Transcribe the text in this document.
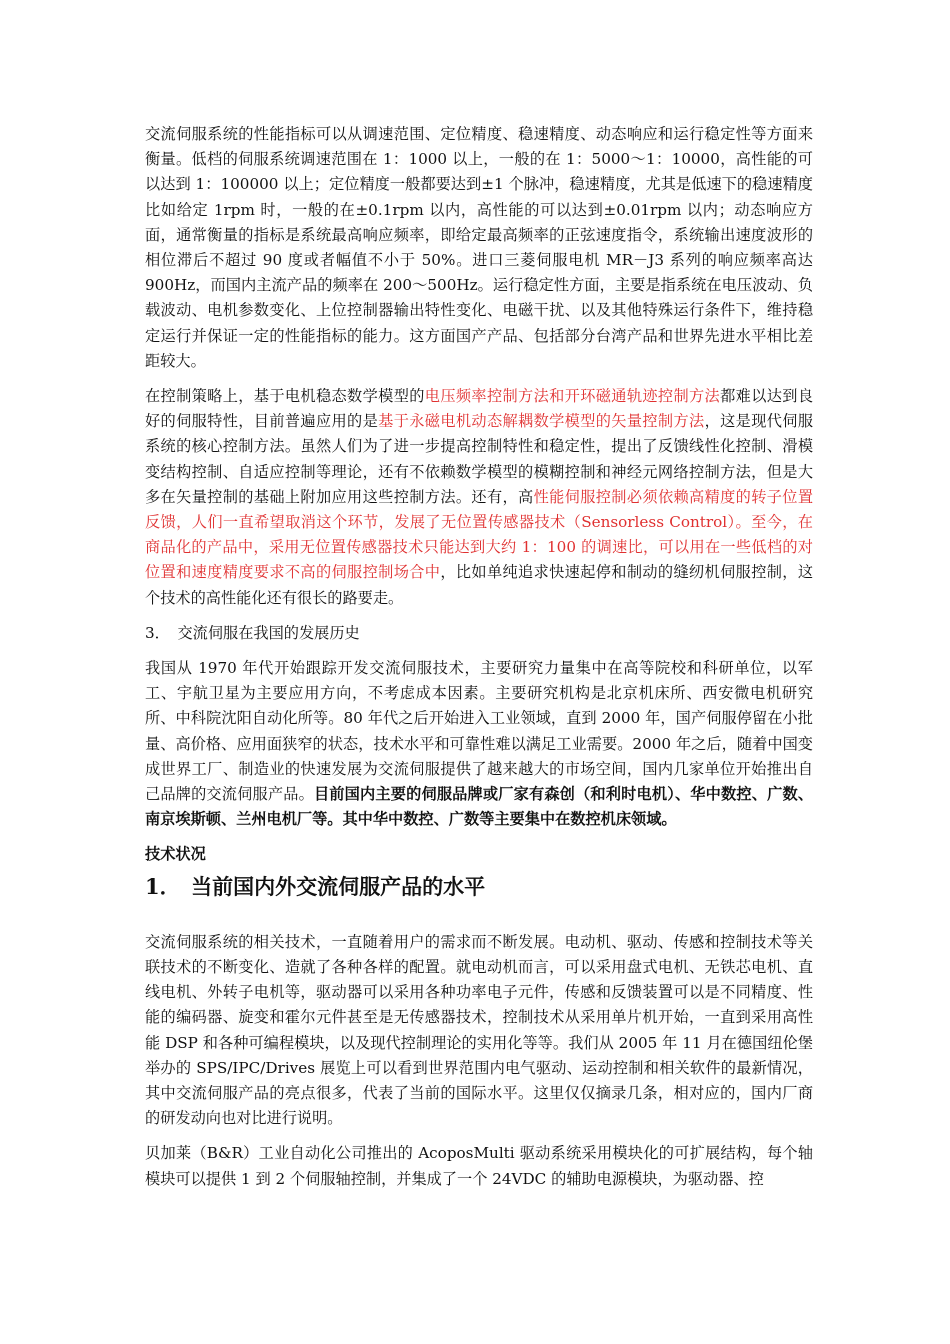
交流伺服系统的性能指标可以从调速范围、定位精度、稳速精度、动态响应和运行稳定性等方面来衡量。低档的伺服系统调速范围在 1：1000 以上，一般的在 1：5000～1：10000，高性能的可以达到 1：100000 以上；定位精度一般都要达到±1 个脉冲，稳速精度，尤其是低速下的稳速精度比如给定 1rpm 时，一般的在±0.1rpm 以内，高性能的可以达到±0.01rpm 以内；动态响应方面，通常衡量的指标是系统最高响应频率，即给定最高频率的正弦速度指令，系统输出速度波形的相位滞后不超过 90 度或者幅值不小于 50%。进口三菱伺服电机 MR－J3 系列的响应频率高达 900Hz，而国内主流产品的频率在 200～500Hz。运行稳定性方面，主要是指系统在电压波动、负载波动、电机参数变化、上位控制器输出特性变化、电磁干扰、以及其他特殊运行条件下，维持稳定运行并保证一定的性能指标的能力。这方面国产产品、包括部分台湾产品和世界先进水平相比差距较大。

在控制策略上，基于电机稳态数学模型的电压频率控制方法和开环磁通轨迹控制方法都难以达到良好的伺服特性，目前普遍应用的是基于永磁电机动态解耦数学模型的矢量控制方法，这是现代伺服系统的核心控制方法。虽然人们为了进一步提高控制特性和稳定性，提出了反馈线性化控制、滑模变结构控制、自适应控制等理论，还有不依赖数学模型的模糊控制和神经元网络控制方法，但是大多在矢量控制的基础上附加应用这些控制方法。还有，高性能伺服控制必须依赖高精度的转子位置反馈，人们一直希望取消这个环节，发展了无位置传感器技术（Sensorless Control）。至今，在商品化的产品中，采用无位置传感器技术只能达到大约 1：100 的调速比，可以用在一些低档的对位置和速度精度要求不高的伺服控制场合中，比如单纯追求快速起停和制动的缝纫机伺服控制，这个技术的高性能化还有很长的路要走。

3．　交流伺服在我国的发展历史

我国从 1970 年代开始跟踪开发交流伺服技术，主要研究力量集中在高等院校和科研单位，以军工、宇航卫星为主要应用方向，不考虑成本因素。主要研究机构是北京机床所、西安微电机研究所、中科院沈阳自动化所等。80 年代之后开始进入工业领域，直到 2000 年，国产伺服停留在小批量、高价格、应用面狭窄的状态，技术水平和可靠性难以满足工业需要。2000 年之后，随着中国变成世界工厂、制造业的快速发展为交流伺服提供了越来越大的市场空间，国内几家单位开始推出自己品牌的交流伺服产品。目前国内主要的伺服品牌或厂家有森创（和利时电机）、华中数控、广数、南京埃斯顿、兰州电机厂等。其中华中数控、广数等主要集中在数控机床领域。

技术状况
1．　当前国内外交流伺服产品的水平

交流伺服系统的相关技术，一直随着用户的需求而不断发展。电动机、驱动、传感和控制技术等关联技术的不断变化、造就了各种各样的配置。就电动机而言，可以采用盘式电机、无铁芯电机、直线电机、外转子电机等，驱动器可以采用各种功率电子元件，传感和反馈装置可以是不同精度、性能的编码器、旋变和霍尔元件甚至是无传感器技术，控制技术从采用单片机开始，一直到采用高性能 DSP 和各种可编程模块，以及现代控制理论的实用化等等。我们从 2005 年 11 月在德国纽伦堡举办的 SPS/IPC/Drives 展览上可以看到世界范围内电气驱动、运动控制和相关软件的最新情况，其中交流伺服产品的亮点很多，代表了当前的国际水平。这里仅仅摘录几条，相对应的，国内厂商的研发动向也对比进行说明。

贝加莱（B&R）工业自动化公司推出的 AcoposMulti 驱动系统采用模块化的可扩展结构，每个轴模块可以提供 1 到 2 个伺服轴控制，并集成了一个 24VDC 的辅助电源模块，为驱动器、控
